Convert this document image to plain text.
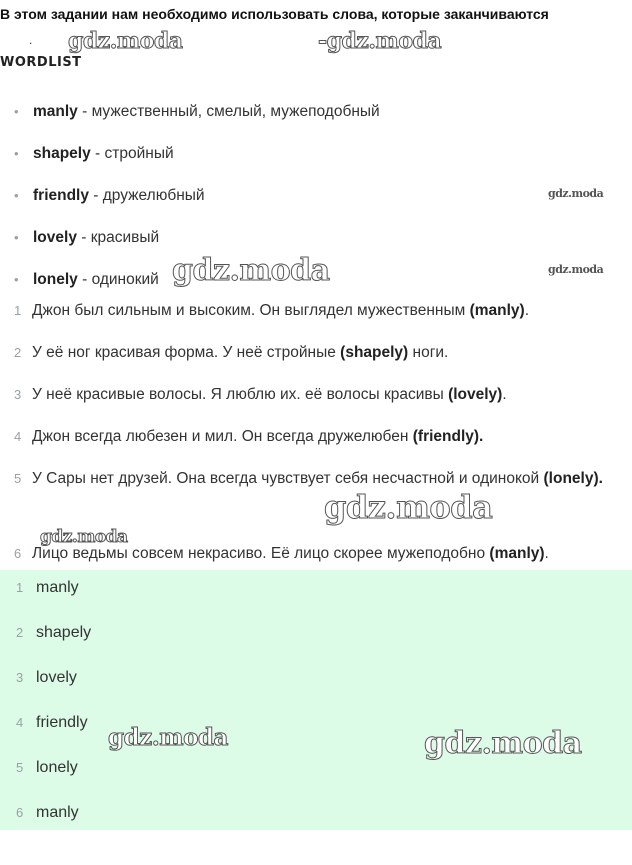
В этом задании нам необходимо использовать слова, которые заканчиваются
.
WORDLIST
• manly - мужественный, смелый, мужеподобный
• shapely - стройный
• friendly - дружелюбный
• lovely - красивый
• lonely - одинокий
1 Джон был сильным и высоким. Он выглядел мужественным (manly).
2 У её ног красивая форма. У неё стройные (shapely) ноги.
3 У неё красивые волосы. Я люблю их. её волосы красивы (lovely).
4 Джон всегда любезен и мил. Он всегда дружелюбен (friendly).
5 У Сары нет друзей. Она всегда чувствует себя несчастной и одинокой (lonely).
6 Лицо ведьмы совсем некрасиво. Её лицо скорее мужеподобно (manly).
1 manly
2 shapely
3 lovely
4 friendly
5 lonely
6 manly
gdz.moda	-gdz.moda
gdz.moda
gdz.moda	gdz.moda
gdz.moda
gdz.moda
gdz.moda	gdz.moda
